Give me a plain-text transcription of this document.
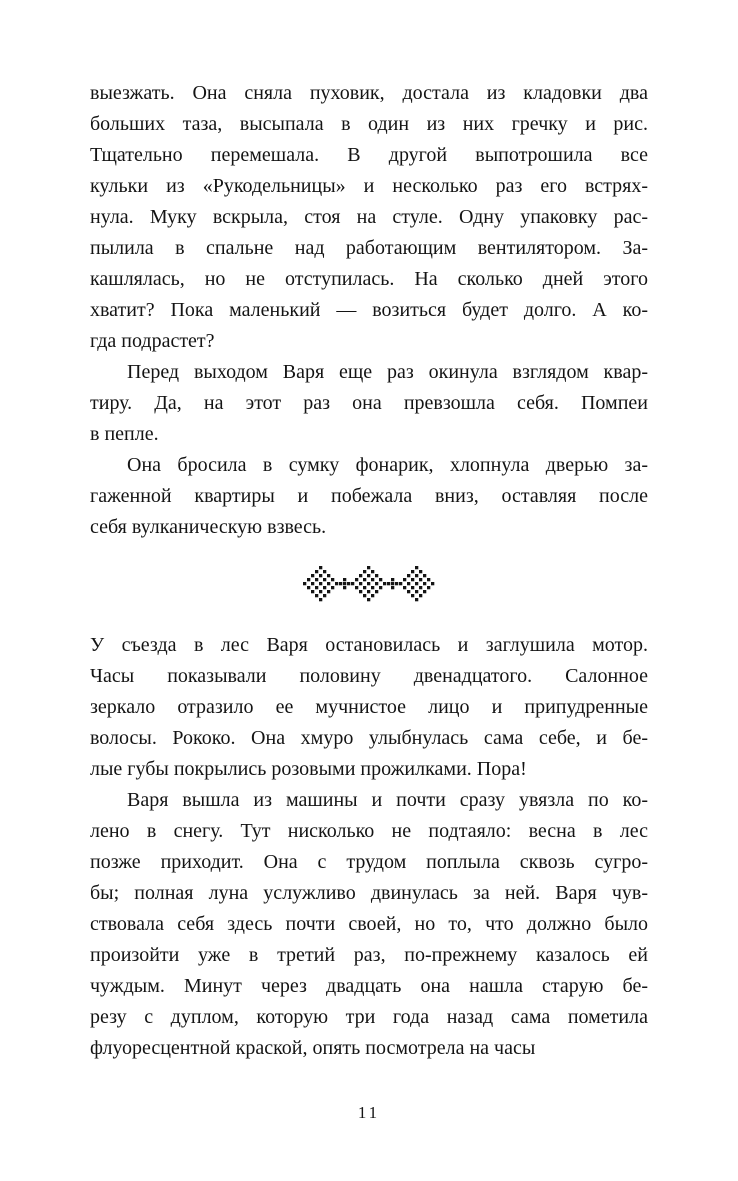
выезжать. Она сняла пуховик, достала из кладовки два
больших таза, высыпала в один из них гречку и рис.
Тщательно перемешала. В другой выпотрошила все
кульки из «Рукодельницы» и несколько раз его встрях-
нула. Муку вскрыла, стоя на стуле. Одну упаковку рас-
пылила в спальне над работающим вентилятором. За-
кашлялась, но не отступилась. На сколько дней этого
хватит? Пока маленький — возиться будет долго. А ко-
гда подрастет?
Перед выходом Варя еще раз окинула взглядом квар-
тиру. Да, на этот раз она превзошла себя. Помпеи
в пепле.
Она бросила в сумку фонарик, хлопнула дверью за-
гаженной квартиры и побежала вниз, оставляя после
себя вулканическую взвесь.
У съезда в лес Варя остановилась и заглушила мотор.
Часы показывали половину двенадцатого. Салонное
зеркало отразило ее мучнистое лицо и припудренные
волосы. Рококо. Она хмуро улыбнулась сама себе, и бе-
лые губы покрылись розовыми прожилками. Пора!
Варя вышла из машины и почти сразу увязла по ко-
лено в снегу. Тут нисколько не подтаяло: весна в лес
позже приходит. Она с трудом поплыла сквозь сугро-
бы; полная луна услужливо двинулась за ней. Варя чув-
ствовала себя здесь почти своей, но то, что должно было
произойти уже в третий раз, по-прежнему казалось ей
чуждым. Минут через двадцать она нашла старую бе-
резу с дуплом, которую три года назад сама пометила
флуоресцентной краской, опять посмотрела на часы
11
